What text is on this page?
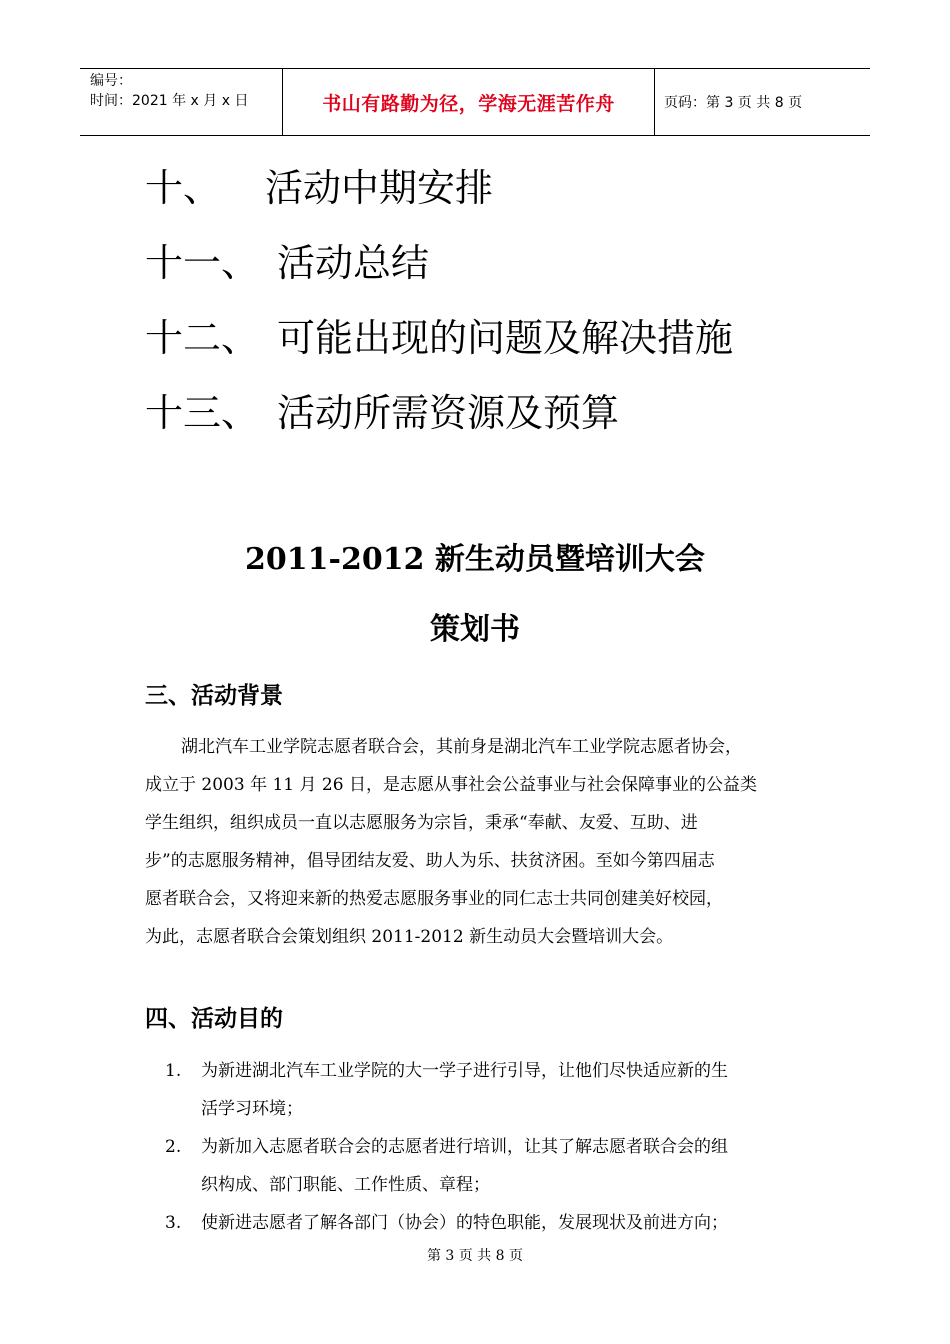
编号：
时间：2021 年 x 月 x 日	书山有路勤为径，学海无涯苦作舟	页码：第 3 页 共 8 页
十、 活动中期安排
十一、 活动总结
十二、 可能出现的问题及解决措施
十三、 活动所需资源及预算
2011-2012 新生动员暨培训大会
策划书
三、活动背景
湖北汽车工业学院志愿者联合会，其前身是湖北汽车工业学院志愿者协会，
成立于 2003 年 11 月 26 日，是志愿从事社会公益事业与社会保障事业的公益类
学生组织，组织成员一直以志愿服务为宗旨，秉承“奉献、友爱、互助、进
步”的志愿服务精神，倡导团结友爱、助人为乐、扶贫济困。至如今第四届志
愿者联合会，又将迎来新的热爱志愿服务事业的同仁志士共同创建美好校园，
为此，志愿者联合会策划组织 2011-2012 新生动员大会暨培训大会。
四、活动目的
1.	为新进湖北汽车工业学院的大一学子进行引导，让他们尽快适应新的生
活学习环境；
2.	为新加入志愿者联合会的志愿者进行培训，让其了解志愿者联合会的组
织构成、部门职能、工作性质、章程；
3.	使新进志愿者了解各部门（协会）的特色职能，发展现状及前进方向；
第 3 页 共 8 页
